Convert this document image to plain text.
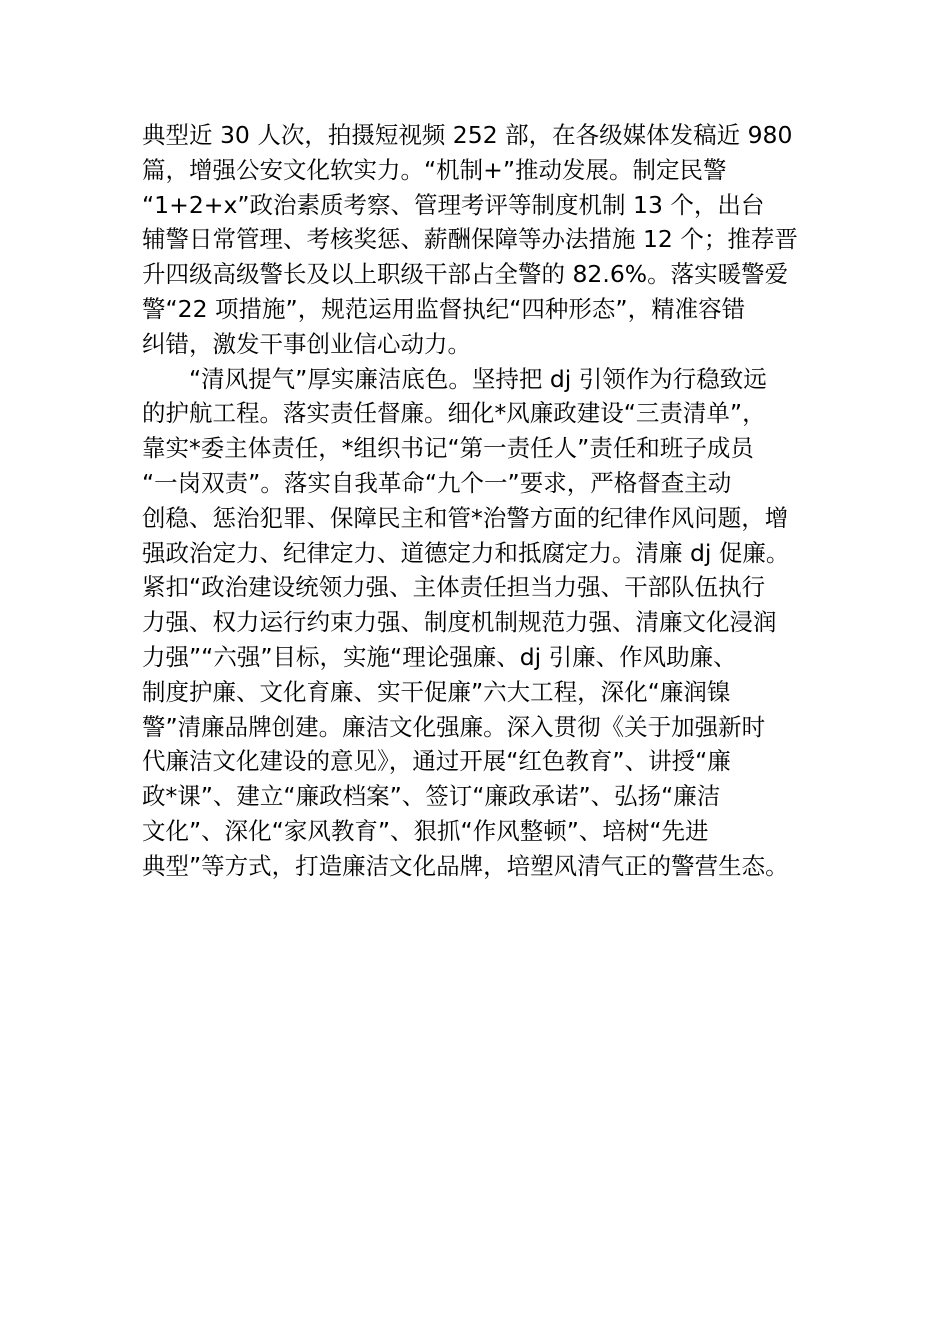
典型近 30 人次，拍摄短视频 252 部，在各级媒体发稿近 980
篇，增强公安文化软实力。“机制+”推动发展。制定民警
“1+2+x”政治素质考察、管理考评等制度机制 13 个，出台
辅警日常管理、考核奖惩、薪酬保障等办法措施 12 个；推荐晋
升四级高级警长及以上职级干部占全警的 82.6%。落实暖警爱
警“22 项措施”，规范运用监督执纪“四种形态”，精准容错
纠错，激发干事创业信心动力。
　　“清风提气”厚实廉洁底色。坚持把 dj 引领作为行稳致远
的护航工程。落实责任督廉。细化*风廉政建设“三责清单”，
靠实*委主体责任，*组织书记“第一责任人”责任和班子成员
“一岗双责”。落实自我革命“九个一”要求，严格督查主动
创稳、惩治犯罪、保障民主和管*治警方面的纪律作风问题，增
强政治定力、纪律定力、道德定力和抵腐定力。清廉 dj 促廉。
紧扣“政治建设统领力强、主体责任担当力强、干部队伍执行
力强、权力运行约束力强、制度机制规范力强、清廉文化浸润
力强”“六强”目标，实施“理论强廉、dj 引廉、作风助廉、
制度护廉、文化育廉、实干促廉”六大工程，深化“廉润镍
警”清廉品牌创建。廉洁文化强廉。深入贯彻《关于加强新时
代廉洁文化建设的意见》，通过开展“红色教育”、讲授“廉
政*课”、建立“廉政档案”、签订“廉政承诺”、弘扬“廉洁
文化”、深化“家风教育”、狠抓“作风整顿”、培树“先进
典型”等方式，打造廉洁文化品牌，培塑风清气正的警营生态。
